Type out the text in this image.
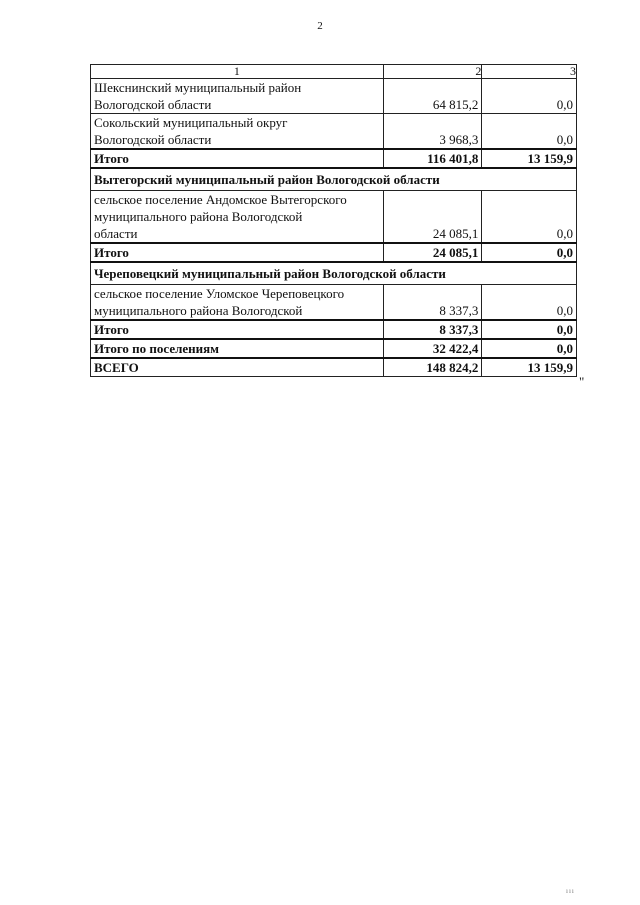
2
1	2	3
Шекснинский муниципальный район
Вологодской области	64 815,2	0,0
Сокольский муниципальный округ
Вологодской области	3 968,3	0,0
Итого	116 401,8	13 159,9
Вытегорский муниципальный район Вологодской области		
сельское поселение Андомское Вытегорского
муниципального района Вологодской
области	24 085,1	0,0
Итого	24 085,1	0,0
Череповецкий муниципальный район Вологодской области		
сельское поселение Уломское Череповецкого
муниципального района Вологодской	8 337,3	0,0
Итого	8 337,3	0,0
Итого по поселениям	32 422,4	0,0
ВСЕГО	148 824,2	13 159,9
"
ııı
